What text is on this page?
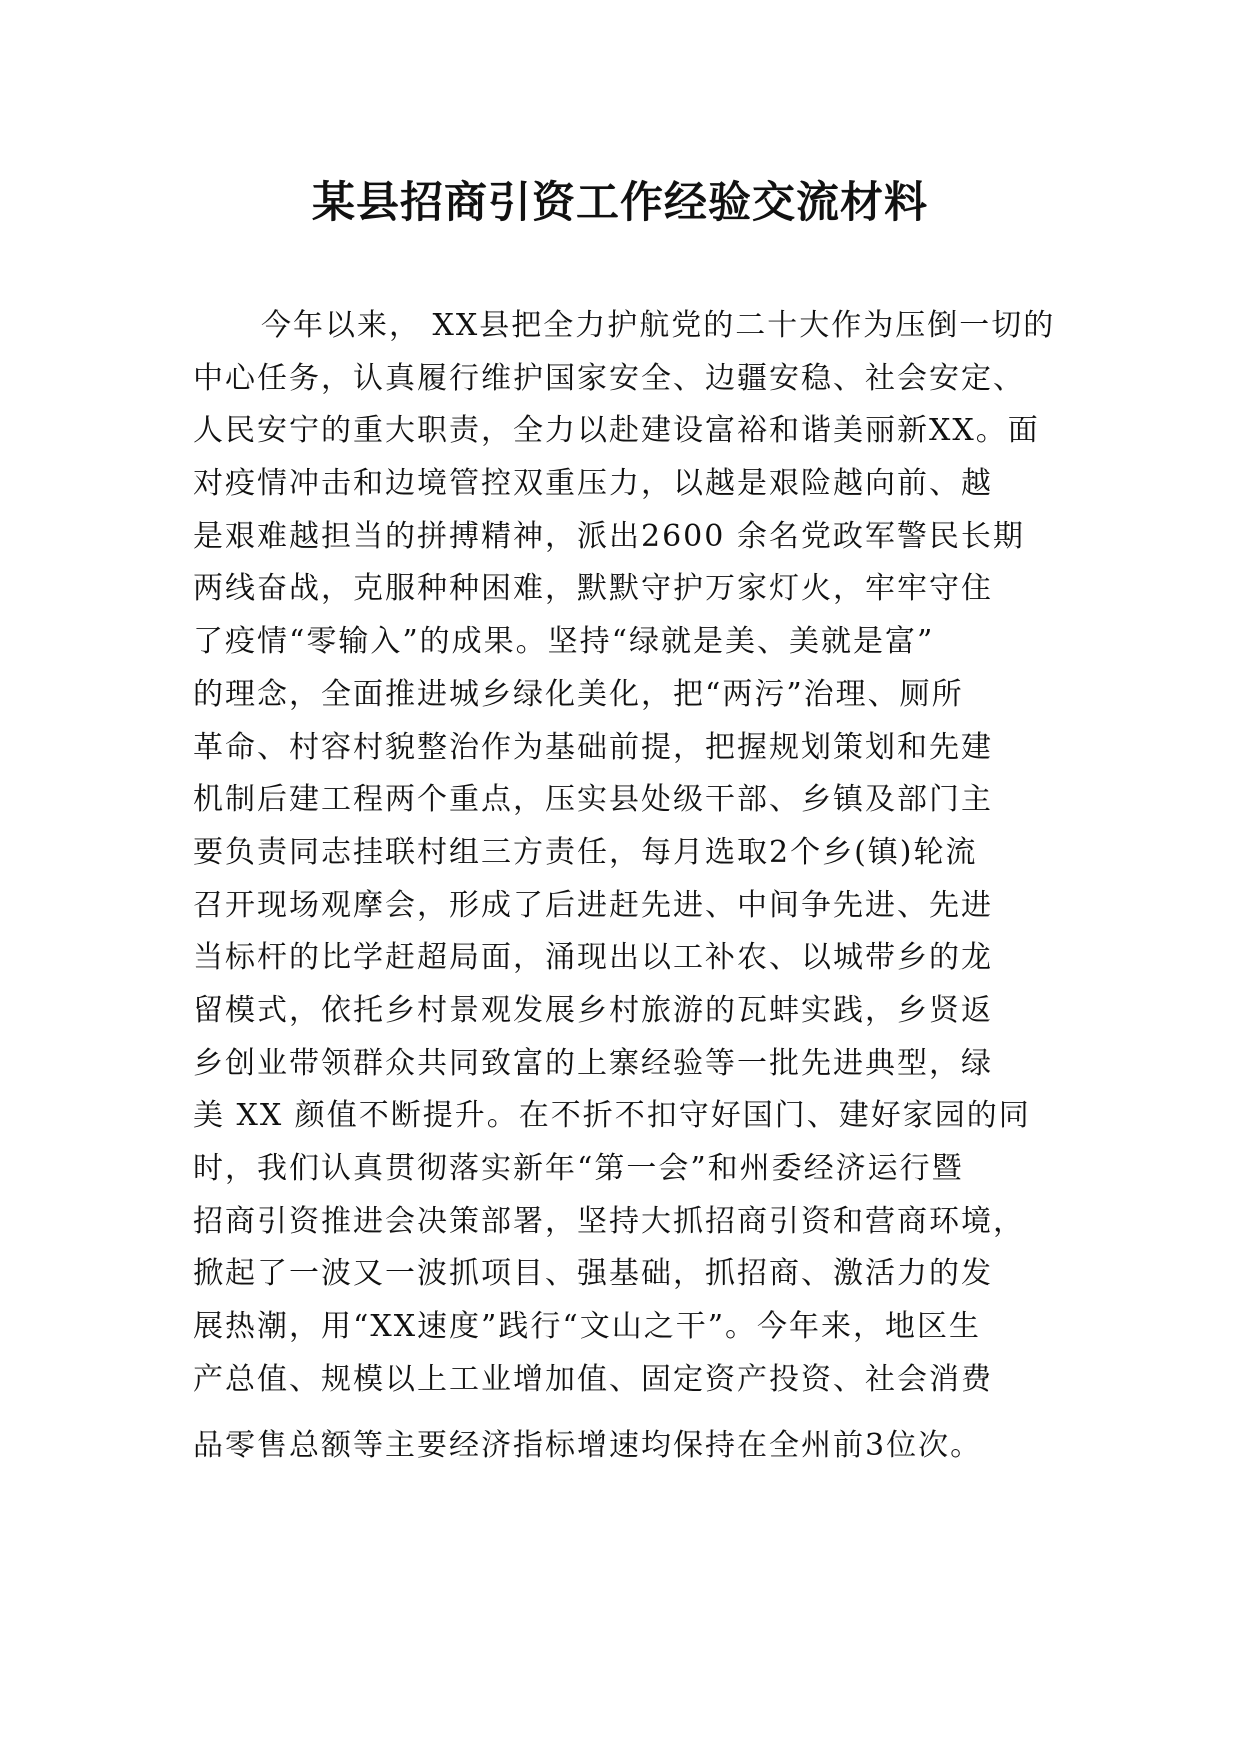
某县招商引资工作经验交流材料
今年以来， XX县把全力护航党的二十大作为压倒一切的
中心任务，认真履行维护国家安全、边疆安稳、社会安定、
人民安宁的重大职责，全力以赴建设富裕和谐美丽新XX。面
对疫情冲击和边境管控双重压力，以越是艰险越向前、越
是艰难越担当的拼搏精神，派出2600 余名党政军警民长期
两线奋战，克服种种困难，默默守护万家灯火，牢牢守住
了疫情“零输入”的成果。坚持“绿就是美、美就是富”
的理念，全面推进城乡绿化美化，把“两污”治理、厕所
革命、村容村貌整治作为基础前提，把握规划策划和先建
机制后建工程两个重点，压实县处级干部、乡镇及部门主
要负责同志挂联村组三方责任，每月选取2个乡(镇)轮流
召开现场观摩会，形成了后进赶先进、中间争先进、先进
当标杆的比学赶超局面，涌现出以工补农、以城带乡的龙
留模式，依托乡村景观发展乡村旅游的瓦蚌实践，乡贤返
乡创业带领群众共同致富的上寨经验等一批先进典型，绿
美 XX 颜值不断提升。在不折不扣守好国门、建好家园的同
时，我们认真贯彻落实新年“第一会”和州委经济运行暨
招商引资推进会决策部署，坚持大抓招商引资和营商环境，
掀起了一波又一波抓项目、强基础，抓招商、激活力的发
展热潮，用“XX速度”践行“文山之干”。今年来，地区生
产总值、规模以上工业增加值、固定资产投资、社会消费
品零售总额等主要经济指标增速均保持在全州前3位次。
